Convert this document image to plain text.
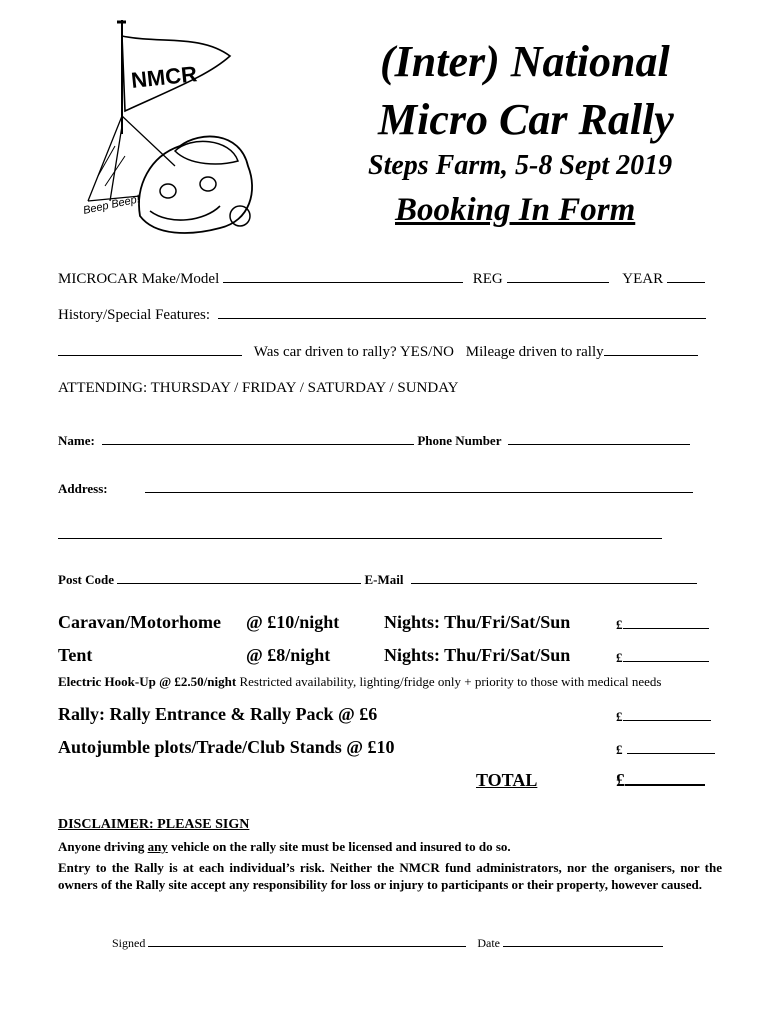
NMCR
Beep Beep!
(Inter) National
Micro Car Rally
Steps Farm, 5-8 Sept 2019
Booking In Form
MICROCAR Make/Model	REG	YEAR
History/Special Features:
Was car driven to rally? YES/NO Mileage driven to rally
ATTENDING: THURSDAY / FRIDAY / SATURDAY / SUNDAY
Name:	Phone Number
Address:
Post Code	E-Mail
Caravan/Motorhome @ £10/night Nights: Thu/Fri/Sat/Sun	£
Tent	@ £8/night	Nights: Thu/Fri/Sat/Sun	£
Electric Hook-Up @ £2.50/night Restricted availability, lighting/fridge only + priority to those with medical needs
Rally: Rally Entrance & Rally Pack @ £6	£
Autojumble plots/Trade/Club Stands @ £10	£
TOTAL	£
DISCLAIMER: PLEASE SIGN
Anyone driving any vehicle on the rally site must be licensed and insured to do so.
Entry to the Rally is at each individual’s risk. Neither the NMCR fund administrators, nor the organisers, nor the owners of the Rally site accept any responsibility for loss or injury to participants or their property, however caused.
Signed	Date
